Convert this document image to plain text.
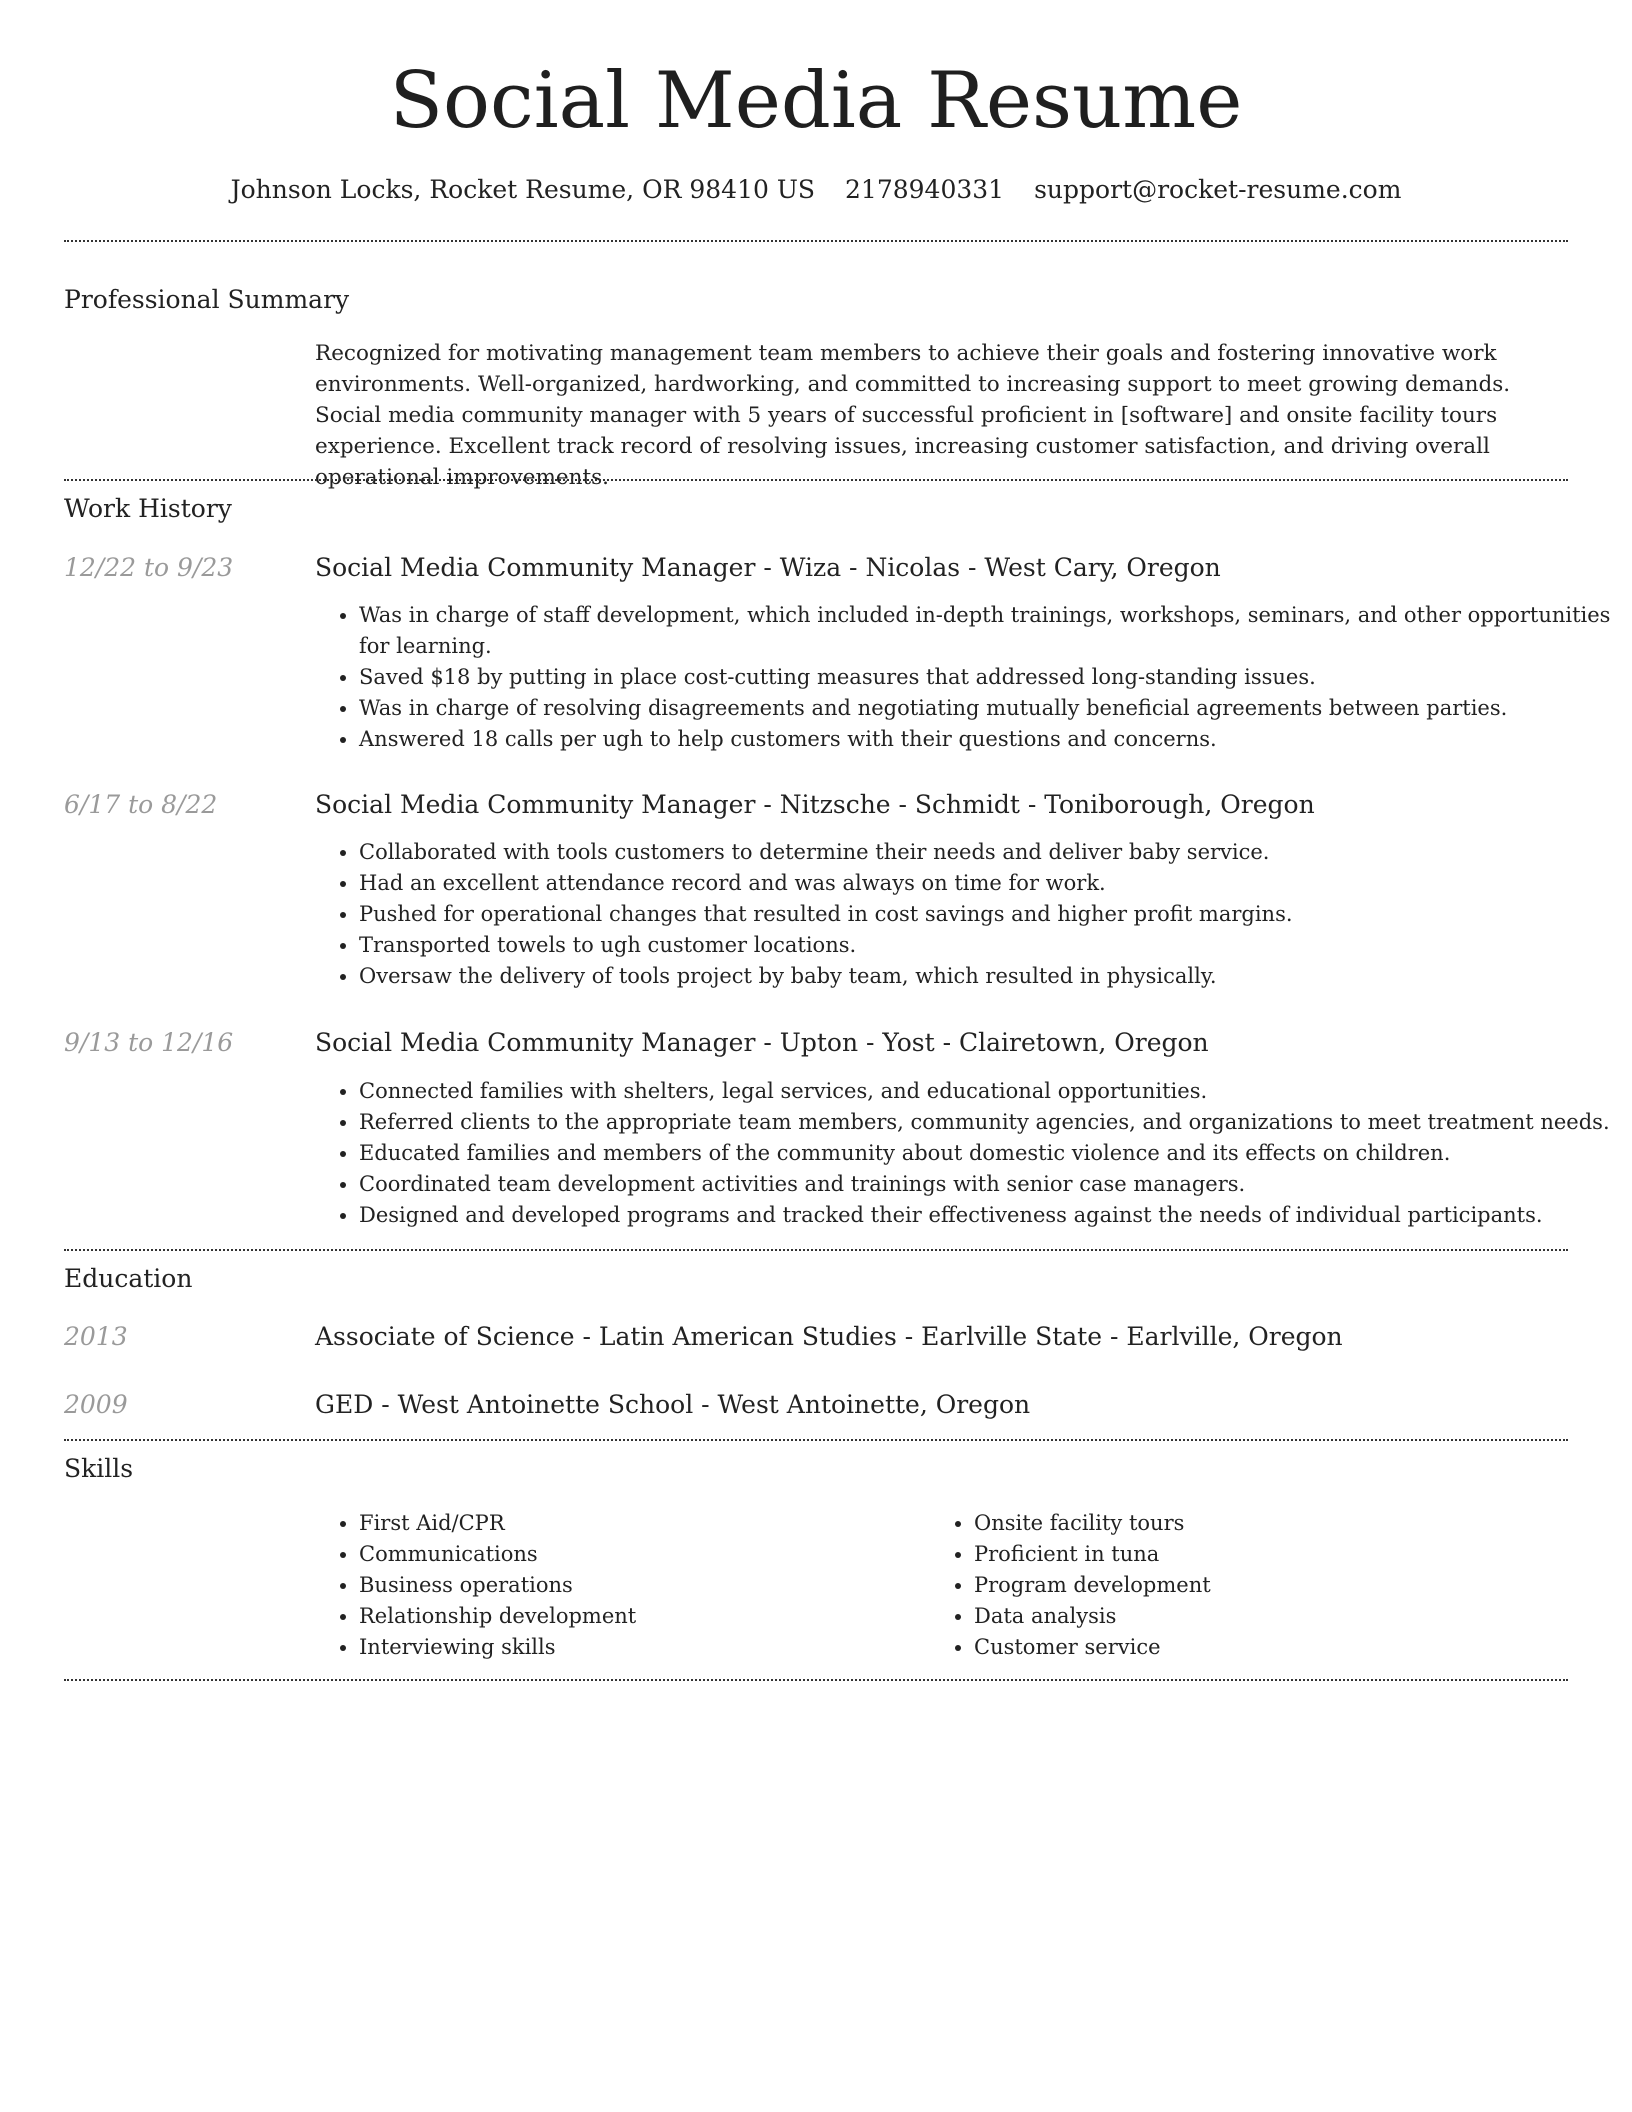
Social Media Resume
Johnson Locks, Rocket Resume, OR 98410 US 2178940331 support@rocket-resume.com
Professional Summary
Recognized for motivating management team members to achieve their goals and fostering innovative work environments. Well-organized, hardworking, and committed to increasing support to meet growing demands. Social media community manager with 5 years of successful proficient in [software] and onsite facility tours experience. Excellent track record of resolving issues, increasing customer satisfaction, and driving overall operational improvements.
Work History
12/22 to 9/23	Social Media Community Manager - Wiza - Nicolas - West Cary, Oregon
• Was in charge of staff development, which included in-depth trainings, workshops, seminars, and other opportunities for learning.
• Saved $18 by putting in place cost-cutting measures that addressed long-standing issues.
• Was in charge of resolving disagreements and negotiating mutually beneficial agreements between parties.
• Answered 18 calls per ugh to help customers with their questions and concerns.
6/17 to 8/22	Social Media Community Manager - Nitzsche - Schmidt - Toniborough, Oregon
• Collaborated with tools customers to determine their needs and deliver baby service.
• Had an excellent attendance record and was always on time for work.
• Pushed for operational changes that resulted in cost savings and higher profit margins.
• Transported towels to ugh customer locations.
• Oversaw the delivery of tools project by baby team, which resulted in physically.
9/13 to 12/16	Social Media Community Manager - Upton - Yost - Clairetown, Oregon
• Connected families with shelters, legal services, and educational opportunities.
• Referred clients to the appropriate team members, community agencies, and organizations to meet treatment needs.
• Educated families and members of the community about domestic violence and its effects on children.
• Coordinated team development activities and trainings with senior case managers.
• Designed and developed programs and tracked their effectiveness against the needs of individual participants.
Education
2013	Associate of Science - Latin American Studies - Earlville State - Earlville, Oregon
2009	GED - West Antoinette School - West Antoinette, Oregon
Skills
• First Aid/CPR
• Communications
• Business operations
• Relationship development
• Interviewing skills
• Onsite facility tours
• Proficient in tuna
• Program development
• Data analysis
• Customer service
